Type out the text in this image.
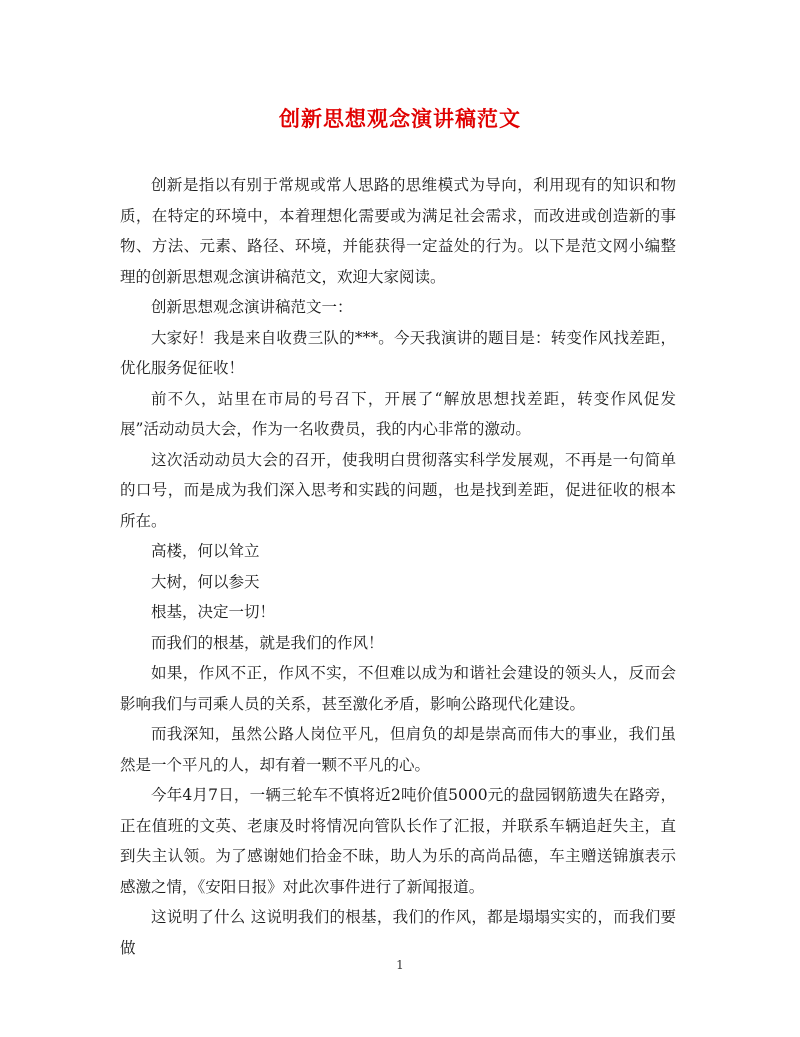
创新思想观念演讲稿范文

创新是指以有别于常规或常人思路的思维模式为导向，利用现有的知识和物质，在特定的环境中，本着理想化需要或为满足社会需求，而改进或创造新的事物、方法、元素、路径、环境，并能获得一定益处的行为。以下是范文网小编整理的创新思想观念演讲稿范文，欢迎大家阅读。

创新思想观念演讲稿范文一：

大家好！我是来自收费三队的***。今天我演讲的题目是：转变作风找差距，优化服务促征收！

前不久，站里在市局的号召下，开展了“解放思想找差距，转变作风促发展”活动动员大会，作为一名收费员，我的内心非常的激动。

这次活动动员大会的召开，使我明白贯彻落实科学发展观，不再是一句简单的口号，而是成为我们深入思考和实践的问题，也是找到差距，促进征收的根本所在。

高楼，何以耸立

大树，何以参天

根基，决定一切！

而我们的根基，就是我们的作风！

如果，作风不正，作风不实，不但难以成为和谐社会建设的领头人，反而会影响我们与司乘人员的关系，甚至激化矛盾，影响公路现代化建设。

而我深知，虽然公路人岗位平凡，但肩负的却是崇高而伟大的事业，我们虽然是一个平凡的人，却有着一颗不平凡的心。

今年4月7日，一辆三轮车不慎将近2吨价值5000元的盘园钢筋遗失在路旁，正在值班的文英、老康及时将情况向管队长作了汇报，并联系车辆追赶失主，直到失主认领。为了感谢她们拾金不昧，助人为乐的高尚品德，车主赠送锦旗表示感激之情，《安阳日报》对此次事件进行了新闻报道。

这说明了什么 这说明我们的根基，我们的作风，都是塌塌实实的，而我们要做

1
